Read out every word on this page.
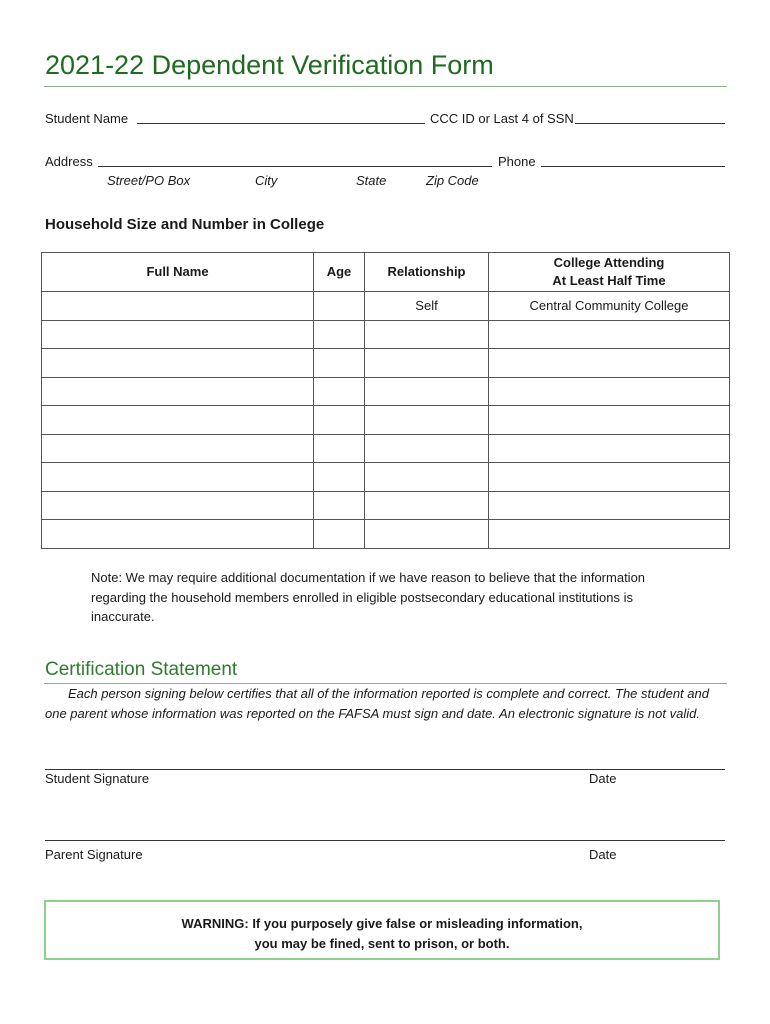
2021-22 Dependent Verification Form
Student Name	CCC ID or Last 4 of SSN
Address	Phone
Street/PO Box	City	State	Zip Code
Household Size and Number in College
Full Name	Age	Relationship	College Attending
At Least Half Time

		Self	Central Community College

Note: We may require additional documentation if we have reason to believe that the information regarding the household members enrolled in eligible postsecondary educational institutions is inaccurate.
Certification Statement
Each person signing below certifies that all of the information reported is complete and correct. The student and one parent whose information was reported on the FAFSA must sign and date. An electronic signature is not valid.
Student Signature	Date
Parent Signature	Date
WARNING: If you purposely give false or misleading information,
you may be fined, sent to prison, or both.
